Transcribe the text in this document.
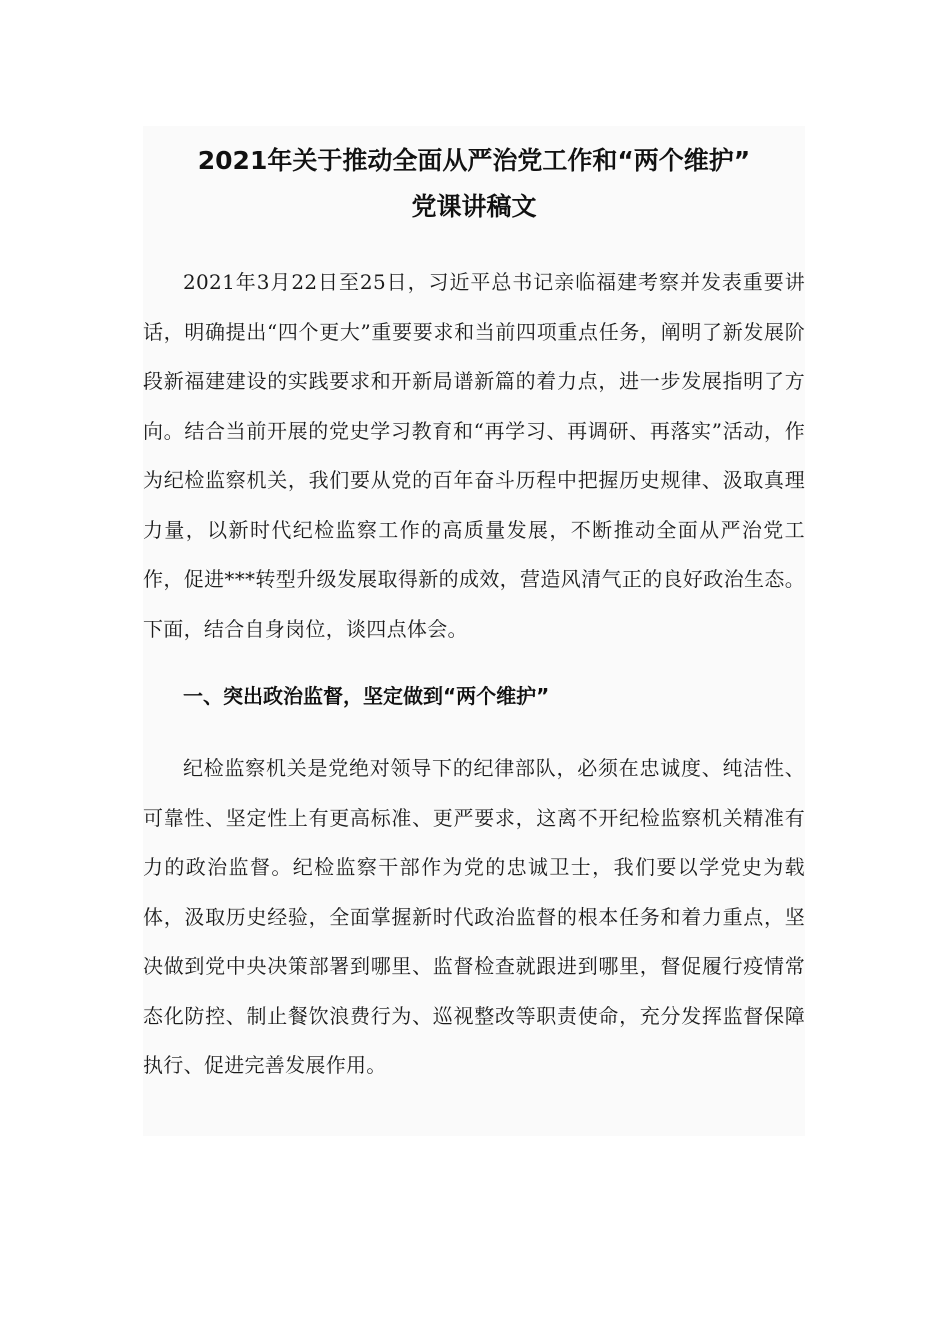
2021年关于推动全面从严治党工作和“两个维护”
党课讲稿文

2021年3月22日至25日，习近平总书记亲临福建考察并发表重要讲话，明确提出“四个更大”重要要求和当前四项重点任务，阐明了新发展阶段新福建建设的实践要求和开新局谱新篇的着力点，进一步发展指明了方向。结合当前开展的党史学习教育和“再学习、再调研、再落实”活动，作为纪检监察机关，我们要从党的百年奋斗历程中把握历史规律、汲取真理力量，以新时代纪检监察工作的高质量发展，不断推动全面从严治党工作，促进***转型升级发展取得新的成效，营造风清气正的良好政治生态。下面，结合自身岗位，谈四点体会。

一、突出政治监督，坚定做到“两个维护”

纪检监察机关是党绝对领导下的纪律部队，必须在忠诚度、纯洁性、可靠性、坚定性上有更高标准、更严要求，这离不开纪检监察机关精准有力的政治监督。纪检监察干部作为党的忠诚卫士，我们要以学党史为载体，汲取历史经验，全面掌握新时代政治监督的根本任务和着力重点，坚决做到党中央决策部署到哪里、监督检查就跟进到哪里，督促履行疫情常态化防控、制止餐饮浪费行为、巡视整改等职责使命，充分发挥监督保障执行、促进完善发展作用。
